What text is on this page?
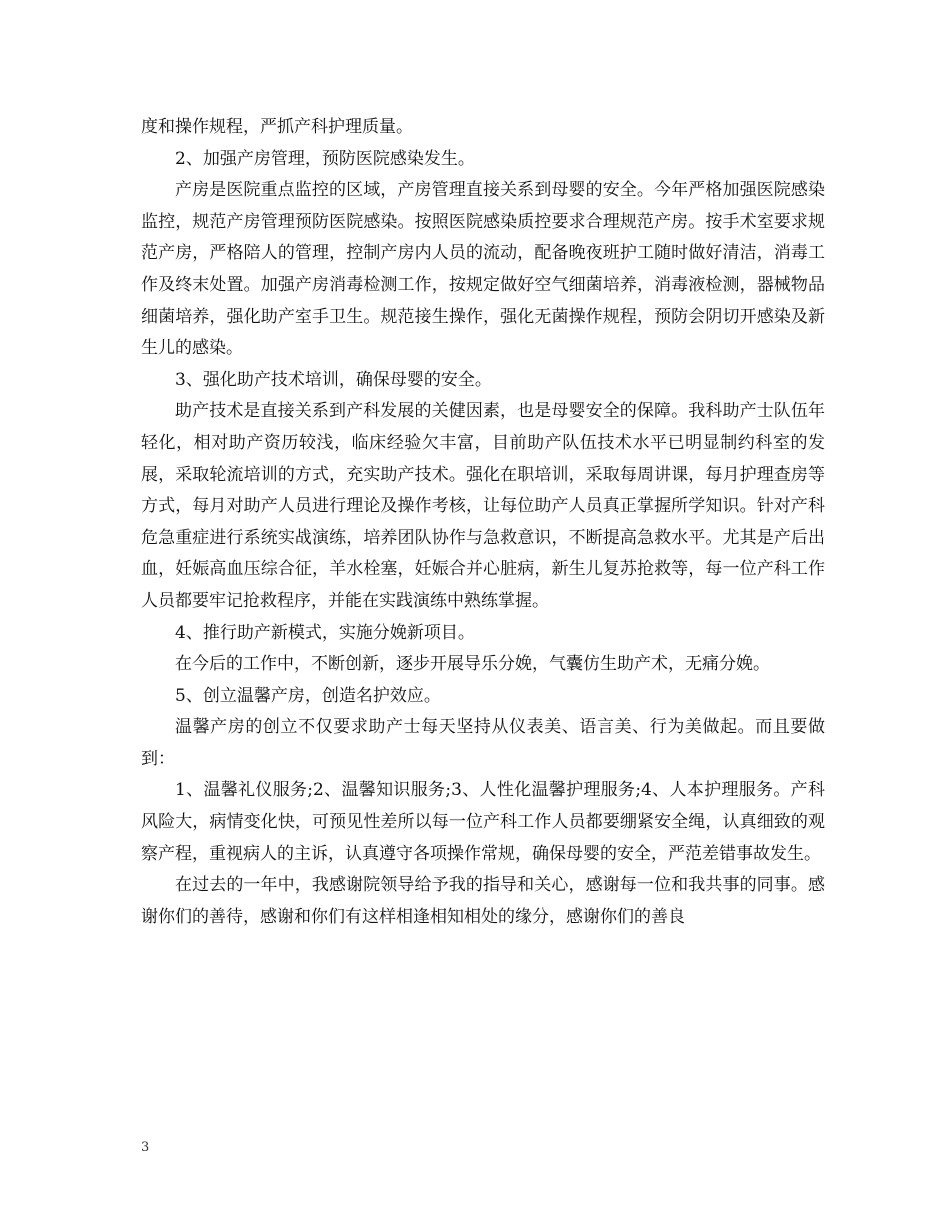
度和操作规程，严抓产科护理质量。

2、加强产房管理，预防医院感染发生。

产房是医院重点监控的区域，产房管理直接关系到母婴的安全。今年严格加强医院感染监控，规范产房管理预防医院感染。按照医院感染质控要求合理规范产房。按手术室要求规范产房，严格陪人的管理，控制产房内人员的流动，配备晚夜班护工随时做好清洁，消毒工作及终末处置。加强产房消毒检测工作，按规定做好空气细菌培养，消毒液检测，器械物品细菌培养，强化助产室手卫生。规范接生操作，强化无菌操作规程，预防会阴切开感染及新生儿的感染。

3、强化助产技术培训，确保母婴的安全。

助产技术是直接关系到产科发展的关健因素，也是母婴安全的保障。我科助产士队伍年轻化，相对助产资历较浅，临床经验欠丰富，目前助产队伍技术水平已明显制约科室的发展，采取轮流培训的方式，充实助产技术。强化在职培训，采取每周讲课，每月护理查房等方式，每月对助产人员进行理论及操作考核，让每位助产人员真正掌握所学知识。针对产科危急重症进行系统实战演练，培养团队协作与急救意识，不断提高急救水平。尤其是产后出血，妊娠高血压综合征，羊水栓塞，妊娠合并心脏病，新生儿复苏抢救等，每一位产科工作人员都要牢记抢救程序，并能在实践演练中熟练掌握。

4、推行助产新模式，实施分娩新项目。

在今后的工作中，不断创新，逐步开展导乐分娩，气囊仿生助产术，无痛分娩。

5、创立温馨产房，创造名护效应。

温馨产房的创立不仅要求助产士每天坚持从仪表美、语言美、行为美做起。而且要做到：

1、温馨礼仪服务;2、温馨知识服务;3、人性化温馨护理服务;4、人本护理服务。产科风险大，病情变化快，可预见性差所以每一位产科工作人员都要绷紧安全绳，认真细致的观察产程，重视病人的主诉，认真遵守各项操作常规，确保母婴的安全，严范差错事故发生。

在过去的一年中，我感谢院领导给予我的指导和关心，感谢每一位和我共事的同事。感谢你们的善待，感谢和你们有这样相逢相知相处的缘分，感谢你们的善良

3
